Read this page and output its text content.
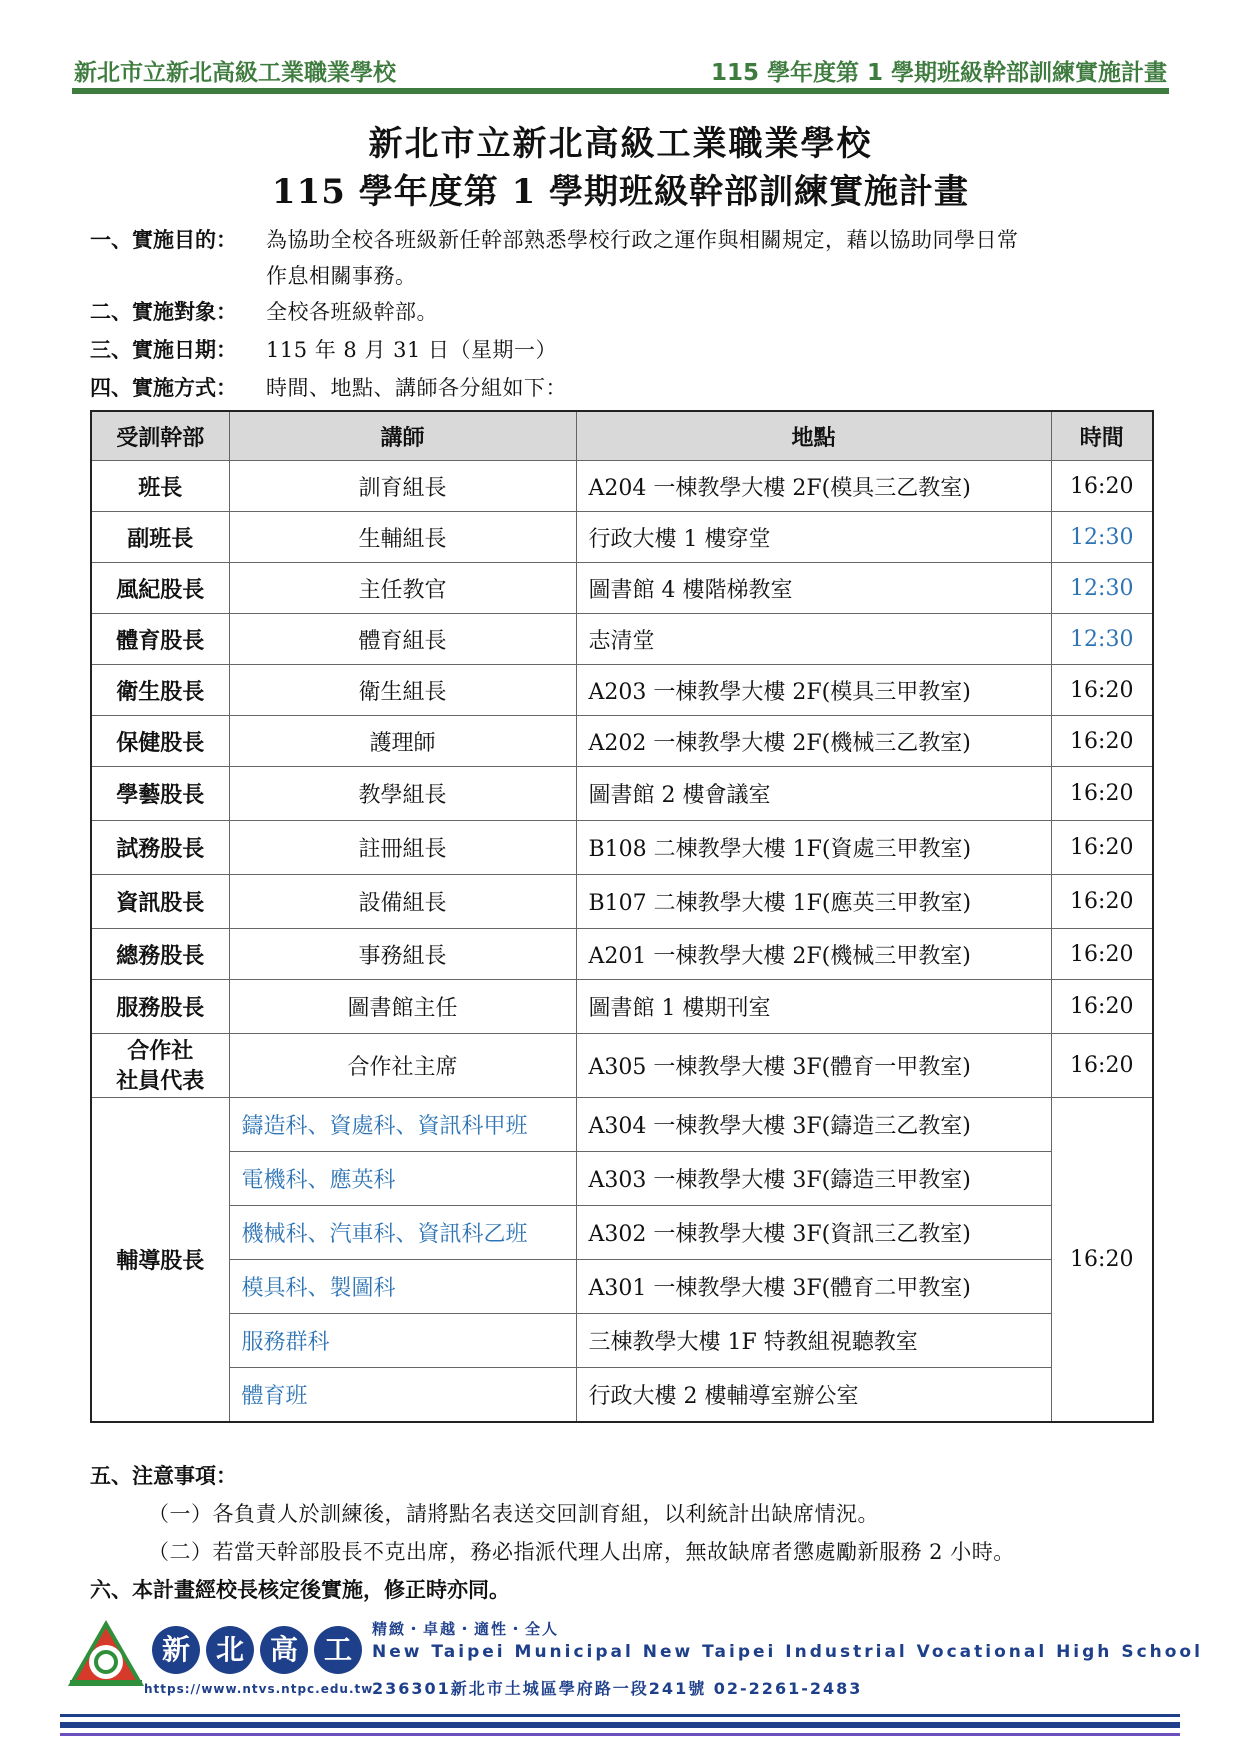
新北市立新北高級工業職業學校	115 學年度第 1 學期班級幹部訓練實施計畫
新北市立新北高級工業職業學校
115 學年度第 1 學期班級幹部訓練實施計畫
一、實施目的： 為協助全校各班級新任幹部熟悉學校行政之運作與相關規定，藉以協助同學日常
作息相關事務。
二、實施對象： 全校各班級幹部。
三、實施日期： 115 年 8 月 31 日（星期一）
四、實施方式： 時間、地點、講師各分組如下：
受訓幹部	講師	地點	時間
班長	訓育組長	A204 一棟教學大樓 2F(模具三乙教室)	16:20
副班長	生輔組長	行政大樓 1 樓穿堂	12:30
風紀股長	主任教官	圖書館 4 樓階梯教室	12:30
體育股長	體育組長	志清堂	12:30
衛生股長	衛生組長	A203 一棟教學大樓 2F(模具三甲教室)	16:20
保健股長	護理師	A202 一棟教學大樓 2F(機械三乙教室)	16:20
學藝股長	教學組長	圖書館 2 樓會議室	16:20
試務股長	註冊組長	B108 二棟教學大樓 1F(資處三甲教室)	16:20
資訊股長	設備組長	B107 二棟教學大樓 1F(應英三甲教室)	16:20
總務股長	事務組長	A201 一棟教學大樓 2F(機械三甲教室)	16:20
服務股長	圖書館主任	圖書館 1 樓期刊室	16:20

合作社
社員代表	合作社主席	A305 一棟教學大樓 3F(體育一甲教室)	16:20
輔導股長	鑄造科、資處科、資訊科甲班	A304 一棟教學大樓 3F(鑄造三乙教室)	16:20
	電機科、應英科	A303 一棟教學大樓 3F(鑄造三甲教室)	
	機械科、汽車科、資訊科乙班	A302 一棟教學大樓 3F(資訊三乙教室)	
	模具科、製圖科	A301 一棟教學大樓 3F(體育二甲教室)	
	服務群科	三棟教學大樓 1F 特教組視聽教室	
	體育班	行政大樓 2 樓輔導室辦公室	
五、注意事項：
（一）各負責人於訓練後，請將點名表送交回訓育組，以利統計出缺席情況。
（二）若當天幹部股長不克出席，務必指派代理人出席，無故缺席者懲處勵新服務 2 小時。
六、本計畫經校長核定後實施，修正時亦同。
新 北 高 工
精緻・卓越・適性・全人
New Taipei Municipal New Taipei Industrial Vocational High School
https://www.ntvs.ntpc.edu.tw
236301新北市土城區學府路一段241號 02-2261-2483
